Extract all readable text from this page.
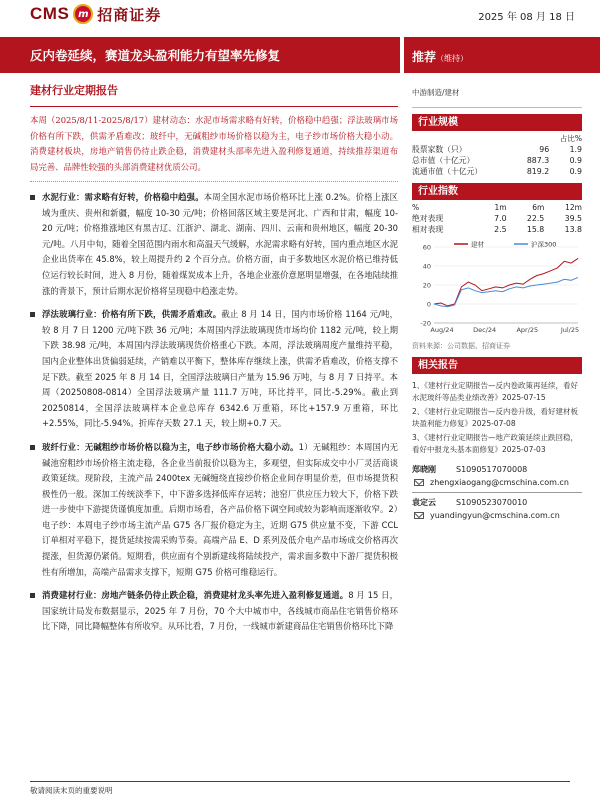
CMS m 招商证券	2025 年 08 月 18 日
反内卷延续，赛道龙头盈利能力有望率先修复	推荐（维持）
建材行业定期报告
本周（2025/8/11-2025/8/17）建材动态：水泥市场需求略有好转，价格稳中趋强；浮法玻璃市场价格有所下跌，供需矛盾难改；玻纤中，无碱粗纱市场价格以稳为主，电子纱市场价格大稳小动。消费建材板块，房地产销售仍待止跌企稳，消费建材头部率先进入盈利修复通道，持续推荐渠道布局完善、品牌性较强的头部消费建材优质公司。
水泥行业：需求略有好转，价格稳中趋强。本周全国水泥市场价格环比上涨 0.2%。价格上涨区域为重庆、贵州和新疆，幅度 10-30 元/吨；价格回落区域主要是河北、广西和甘肃，幅度 10-20 元/吨；价格推涨地区有黑吉辽、江浙沪、湖北、湖南、四川、云南和贵州地区，幅度 20-30 元/吨。八月中旬，随着全国范围内雨水和高温天气缓解，水泥需求略有好转，国内重点地区水泥企业出货率在 45.8%，较上周提升约 2 个百分点。价格方面，由于多数地区水泥价格已维持低位运行较长时间，进入 8 月份，随着煤炭成本上升，各地企业涨价意愿明显增强，在各地陆续推涨的背景下，预计后期水泥价格将呈现稳中趋涨走势。
浮法玻璃行业：价格有所下跌，供需矛盾难改。截止 8 月 14 日，国内市场价格 1164 元/吨，较 8 月 7 日 1200 元/吨下跌 36 元/吨；本周国内浮法玻璃现货市场均价 1182 元/吨，较上期下跌 38.98 元/吨，本周国内浮法玻璃现货价格重心下跌。本周，浮法玻璃周度产量维持平稳，国内企业整体出货偏弱延续，产销难以平衡下，整体库存继续上涨，供需矛盾难改，价格支撑不足下跌。截至 2025 年 8 月 14 日，全国浮法玻璃日产量为 15.96 万吨，与 8 月 7 日持平。本周（20250808-0814）全国浮法玻璃产量 111.7 万吨，环比持平，同比-5.29%。截止到 20250814，全国浮法玻璃样本企业总库存 6342.6 万重箱，环比+157.9 万重箱，环比+2.55%，同比-5.94%。折库存天数 27.1 天，较上期+0.7 天。
玻纤行业：无碱粗纱市场价格以稳为主，电子纱市场价格大稳小动。1）无碱粗纱：本周国内无碱池窑粗纱市场价格主流走稳，各企业当前报价以稳为主，多观望，但实际成交中小厂灵活商谈政策延续。现阶段，主流产品 2400tex 无碱缠绕直接纱价格企业间存明显价差，但市场提货积极性仍一般。深加工传统淡季下，中下游多选择低库存运转；池窑厂供应压力较大下，价格下跌进一步使中下游提货谨慎度加重。后期市场看，各产品价格下调空间或较为影响而逐渐收窄。2）电子纱：本周电子纱市场主流产品 G75 各厂报价稳定为主，近期 G75 供应量不变，下游 CCL 订单相对平稳下，提货延续按需采购节奏。高端产品 E、D 系列及低介电产品市场成交价格再次提涨，但货源仍紧俏。短期看，供应面有个别新建线将陆续投产，需求面多数中下游厂提货积极性有所增加，高端产品需求支撑下，短期 G75 价格可维稳运行。
消费建材行业：房地产链条仍待止跌企稳，消费建材龙头率先进入盈利修复通道。8 月 15 日，国家统计局发布数据显示，2025 年 7 月份，70 个大中城市中，各线城市商品住宅销售价格环比下降，同比降幅整体有所收窄。从环比看，7 月份，一线城市新建商品住宅销售价格环比下降
中游制造/建材
行业规模
		占比%
股票家数（只）	96	1.9
总市值（十亿元）	887.3	0.9
流通市值（十亿元）	819.2	0.9
行业指数
%	1m	6m	12m
绝对表现	7.0	22.5	39.5
相对表现	2.5	15.8	13.8
60
40
20
0
-20
Aug/24	Dec/24	Apr/25	Jul/25
建材	沪深300
资料来源：公司数据、招商证券
相关报告
1、《建材行业定期报告—反内卷政策再延续，看好水泥玻纤等品类业绩改善》2025-07-15
2、《建材行业定期报告—反内卷升级，看好建材板块盈利能力修复》2025-07-08
3、《建材行业定期报告—地产政策延续止跌回稳，看好中报龙头基本面修复》2025-07-03
郑晓刚	S1090517070008
zhengxiaogang@cmschina.com.cn
袁定云	S1090523070010
yuandingyun@cmschina.com.cn
敬请阅读末页的重要说明
